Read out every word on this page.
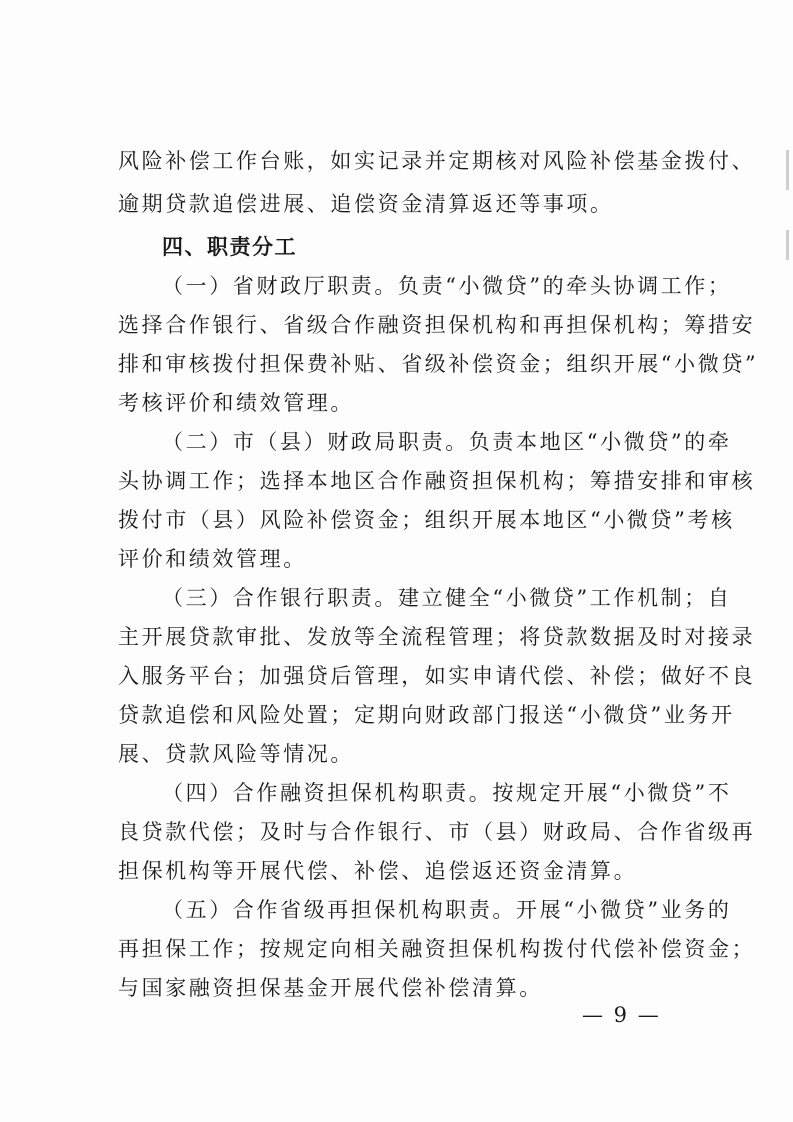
风险补偿工作台账，如实记录并定期核对风险补偿基金拨付、
逾期贷款追偿进展、追偿资金清算返还等事项。
四、职责分工
（一）省财政厅职责。负责“小微贷”的牵头协调工作；
选择合作银行、省级合作融资担保机构和再担保机构；筹措安
排和审核拨付担保费补贴、省级补偿资金；组织开展“小微贷”
考核评价和绩效管理。
（二）市（县）财政局职责。负责本地区“小微贷”的牵
头协调工作；选择本地区合作融资担保机构；筹措安排和审核
拨付市（县）风险补偿资金；组织开展本地区“小微贷”考核
评价和绩效管理。
（三）合作银行职责。建立健全“小微贷”工作机制；自
主开展贷款审批、发放等全流程管理；将贷款数据及时对接录
入服务平台；加强贷后管理，如实申请代偿、补偿；做好不良
贷款追偿和风险处置；定期向财政部门报送“小微贷”业务开
展、贷款风险等情况。
（四）合作融资担保机构职责。按规定开展“小微贷”不
良贷款代偿；及时与合作银行、市（县）财政局、合作省级再
担保机构等开展代偿、补偿、追偿返还资金清算。
（五）合作省级再担保机构职责。开展“小微贷”业务的
再担保工作；按规定向相关融资担保机构拨付代偿补偿资金；
与国家融资担保基金开展代偿补偿清算。
— 9 —
